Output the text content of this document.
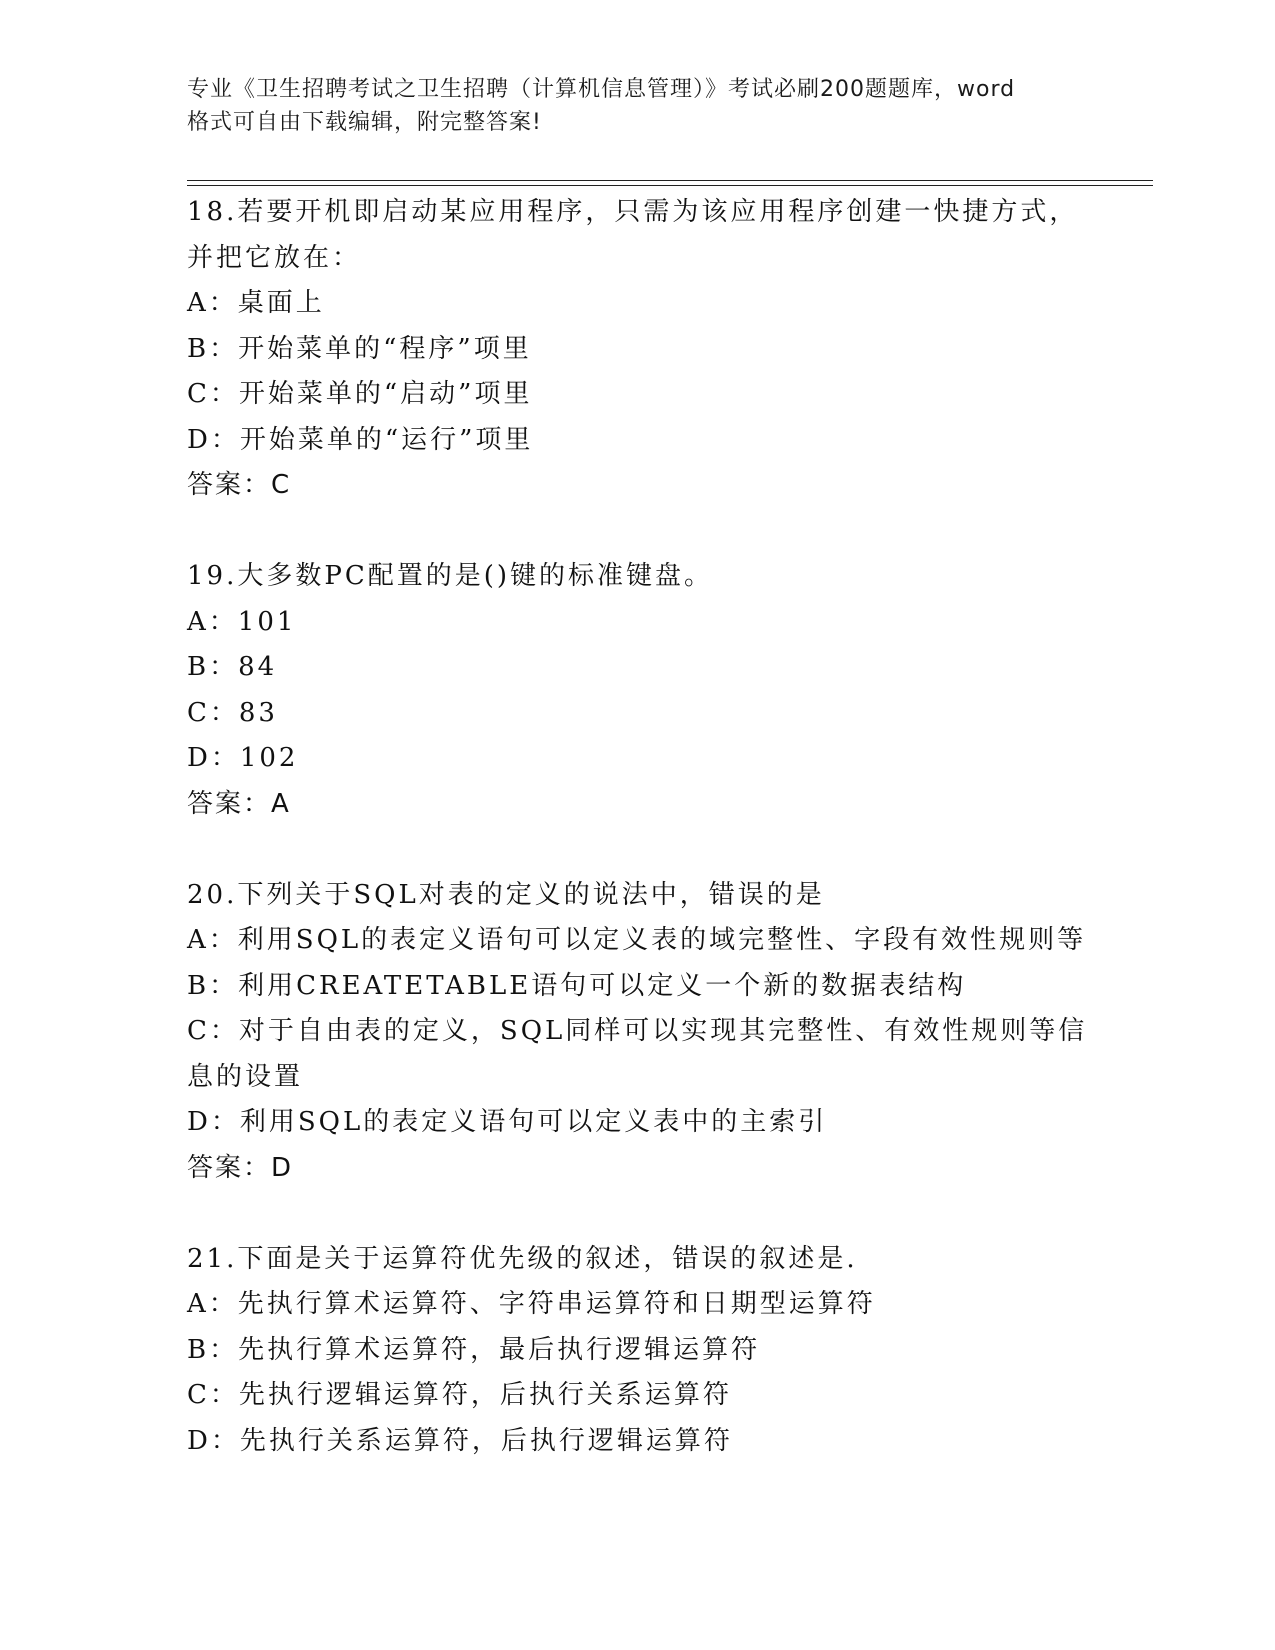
专业《卫生招聘考试之卫生招聘（计算机信息管理）》考试必刷200题题库，word
格式可自由下载编辑，附完整答案!
18.若要开机即启动某应用程序，只需为该应用程序创建一快捷方式，
并把它放在：
A：桌面上
B：开始菜单的“程序”项里
C：开始菜单的“启动”项里
D：开始菜单的“运行”项里
答案：C
19.大多数PC配置的是()键的标准键盘。
A：101
B：84
C：83
D：102
答案：A
20.下列关于SQL对表的定义的说法中，错误的是
A：利用SQL的表定义语句可以定义表的域完整性、字段有效性规则等
B：利用CREATETABLE语句可以定义一个新的数据表结构
C：对于自由表的定义，SQL同样可以实现其完整性、有效性规则等信
息的设置
D：利用SQL的表定义语句可以定义表中的主索引
答案：D
21.下面是关于运算符优先级的叙述，错误的叙述是.
A：先执行算术运算符、字符串运算符和日期型运算符
B：先执行算术运算符，最后执行逻辑运算符
C：先执行逻辑运算符，后执行关系运算符
D：先执行关系运算符，后执行逻辑运算符
